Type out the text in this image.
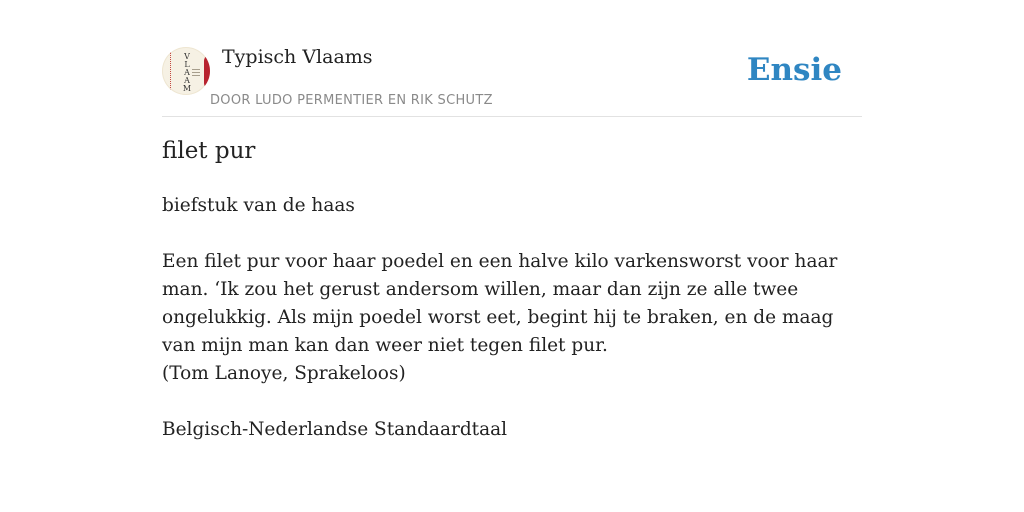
V
L
A
A
M
Typisch Vlaams
DOOR LUDO PERMENTIER EN RIK SCHUTZ
Ensie
filet pur

biefstuk van de haas

Een filet pur voor haar poedel en een halve kilo varkensworst voor haar man. ‘Ik zou het gerust andersom willen, maar dan zijn ze alle twee ongelukkig. Als mijn poedel worst eet, begint hij te braken, en de maag van mijn man kan dan weer niet tegen filet pur.

(Tom Lanoye, Sprakeloos)

Belgisch-Nederlandse Standaardtaal
